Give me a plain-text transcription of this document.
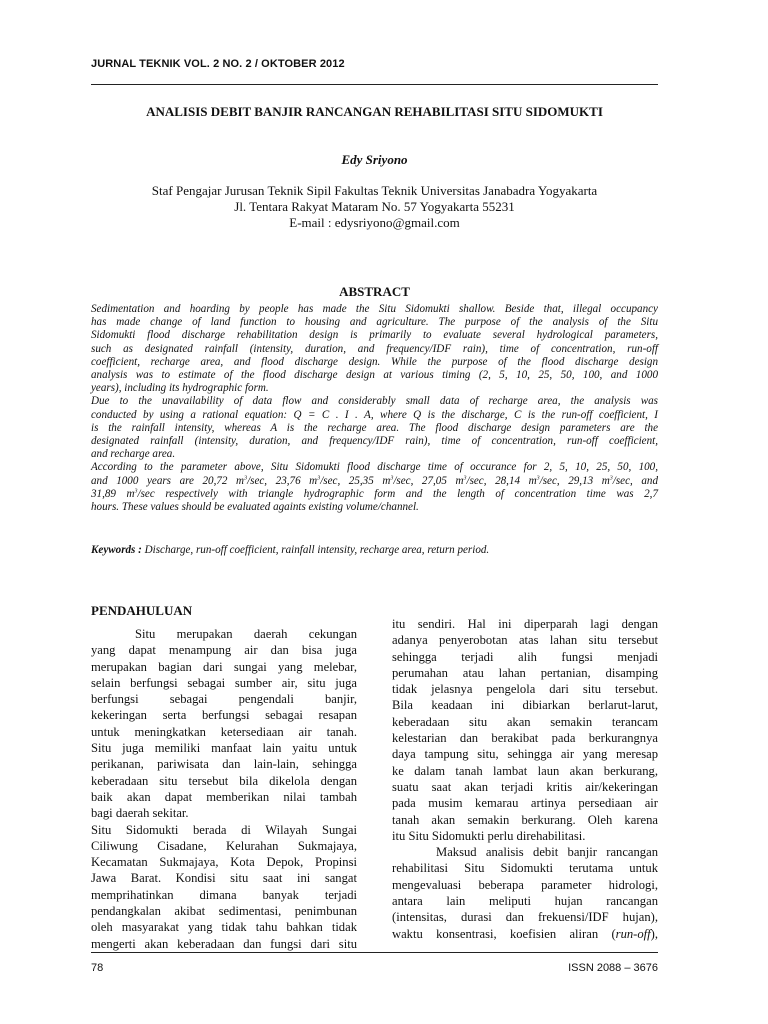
JURNAL TEKNIK VOL. 2 NO. 2 / OKTOBER 2012
ANALISIS DEBIT BANJIR RANCANGAN REHABILITASI SITU SIDOMUKTI
Edy Sriyono
Staf Pengajar Jurusan Teknik Sipil Fakultas Teknik Universitas Janabadra Yogyakarta
Jl. Tentara Rakyat Mataram No. 57 Yogyakarta 55231
E-mail : edysriyono@gmail.com
ABSTRACT

Sedimentation and hoarding by people has made the Situ Sidomukti shallow. Beside that, illegal occupancy
has made change of land function to housing and agriculture. The purpose of the analysis of the Situ
Sidomukti flood discharge rehabilitation design is primarily to evaluate several hydrological parameters,
such as designated rainfall (intensity, duration, and frequency/IDF rain), time of concentration, run-off
coefficient, recharge area, and flood discharge design. While the purpose of the flood discharge design
analysis was to estimate of the flood discharge design at various timing (2, 5, 10, 25, 50, 100, and 1000
years), including its hydrographic form.

Due to the unavailability of data flow and considerably small data of recharge area, the analysis was
conducted by using a rational equation: Q = C . I . A, where Q is the discharge, C is the run-off coefficient, I
is the rainfall intensity, whereas A is the recharge area. The flood discharge design parameters are the
designated rainfall (intensity, duration, and frequency/IDF rain), time of concentration, run-off coefficient,
and recharge area.

According to the parameter above, Situ Sidomukti flood discharge time of occurance for 2, 5, 10, 25, 50, 100,
and 1000 years are 20,72 $m^3/\sec$, 23,76 $m^3/\sec$, 25,35 $m^3/\sec$, 27,05 $m^3/\sec$, 28,14 $m^3/\sec$, 29,13 $m^3/\sec$, and
31,89 $m^3/\sec$ respectively with triangle hydrographic form and the length of concentration time was 2,7
hours. These values should be evaluated againts existing volume/channel.

Keywords : Discharge, run-off coefficient, rainfall intensity, recharge area, return period.
PENDAHULUAN
Situ merupakan daerah cekungan
yang dapat menampung air dan bisa juga
merupakan bagian dari sungai yang melebar,
selain berfungsi sebagai sumber air, situ juga
berfungsi sebagai pengendali banjir,
kekeringan serta berfungsi sebagai resapan
untuk meningkatkan ketersediaan air tanah.
Situ juga memiliki manfaat lain yaitu untuk
perikanan, pariwisata dan lain-lain, sehingga
keberadaan situ tersebut bila dikelola dengan
baik akan dapat memberikan nilai tambah
bagi daerah sekitar.
Situ Sidomukti berada di Wilayah Sungai
Ciliwung Cisadane, Kelurahan Sukmajaya,
Kecamatan Sukmajaya, Kota Depok, Propinsi
Jawa Barat. Kondisi situ saat ini sangat
memprihatinkan dimana banyak terjadi
pendangkalan akibat sedimentasi, penimbunan
oleh masyarakat yang tidak tahu bahkan tidak
mengerti akan keberadaan dan fungsi dari situ
itu sendiri. Hal ini diperparah lagi dengan
adanya penyerobotan atas lahan situ tersebut
sehingga terjadi alih fungsi menjadi
perumahan atau lahan pertanian, disamping
tidak jelasnya pengelola dari situ tersebut.
Bila keadaan ini dibiarkan berlarut-larut,
keberadaan situ akan semakin terancam
kelestarian dan berakibat pada berkurangnya
daya tampung situ, sehingga air yang meresap
ke dalam tanah lambat laun akan berkurang,
suatu saat akan terjadi kritis air/kekeringan
pada musim kemarau artinya persediaan air
tanah akan semakin berkurang. Oleh karena
itu Situ Sidomukti perlu direhabilitasi.
Maksud analisis debit banjir rancangan
rehabilitasi Situ Sidomukti terutama untuk
mengevaluasi beberapa parameter hidrologi,
antara lain meliputi hujan rancangan
(intensitas, durasi dan frekuensi/IDF hujan),
waktu konsentrasi, koefisien aliran (run-off),
78	ISSN 2088 – 3676
